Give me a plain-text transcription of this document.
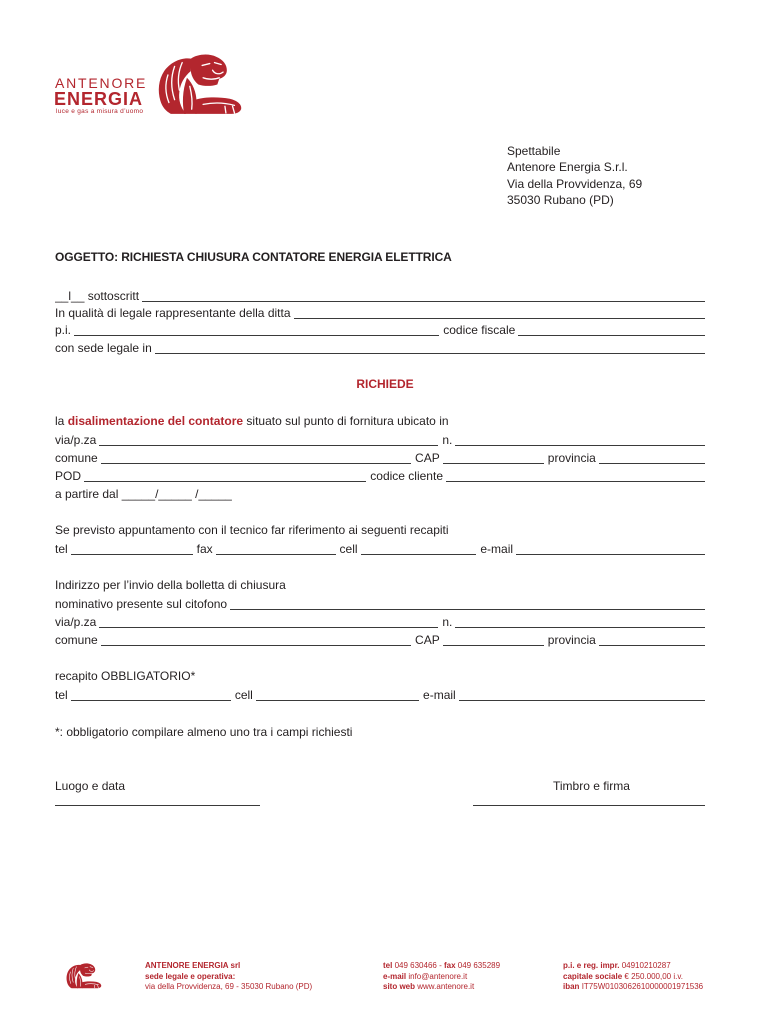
ANTENORE
ENERGIA
luce e gas a misura d’uomo
Spettabile
Antenore Energia S.r.l.
Via della Provvidenza, 69
35030 Rubano (PD)
OGGETTO: RICHIESTA CHIUSURA CONTATORE ENERGIA ELETTRICA
__l__ sottoscritt
In qualità di legale rappresentante della ditta
p.i.	codice fiscale
con sede legale in
RICHIEDE
la disalimentazione del contatore situato sul punto di fornitura ubicato in
via/p.za	n.
comune	CAP	provincia
POD	codice cliente
a partire dal _____/_____ /_____
Se previsto appuntamento con il tecnico far riferimento ai seguenti recapiti
tel	fax	cell	e-mail
Indirizzo per l’invio della bolletta di chiusura
nominativo presente sul citofono
via/p.za	n.
comune	CAP	provincia
recapito OBBLIGATORIO*
tel	cell	e-mail
*: obbligatorio compilare almeno uno tra i campi richiesti
Luogo e data	Timbro e firma
ANTENORE ENERGIA srl
sede legale e operativa:
via della Provvidenza, 69 - 35030 Rubano (PD)
tel 049 630466 - fax 049 635289
e-mail info@antenore.it
sito web www.antenore.it
p.i. e reg. impr. 04910210287
capitale sociale € 250.000,00 i.v.
iban IT75W0103062610000001971536
